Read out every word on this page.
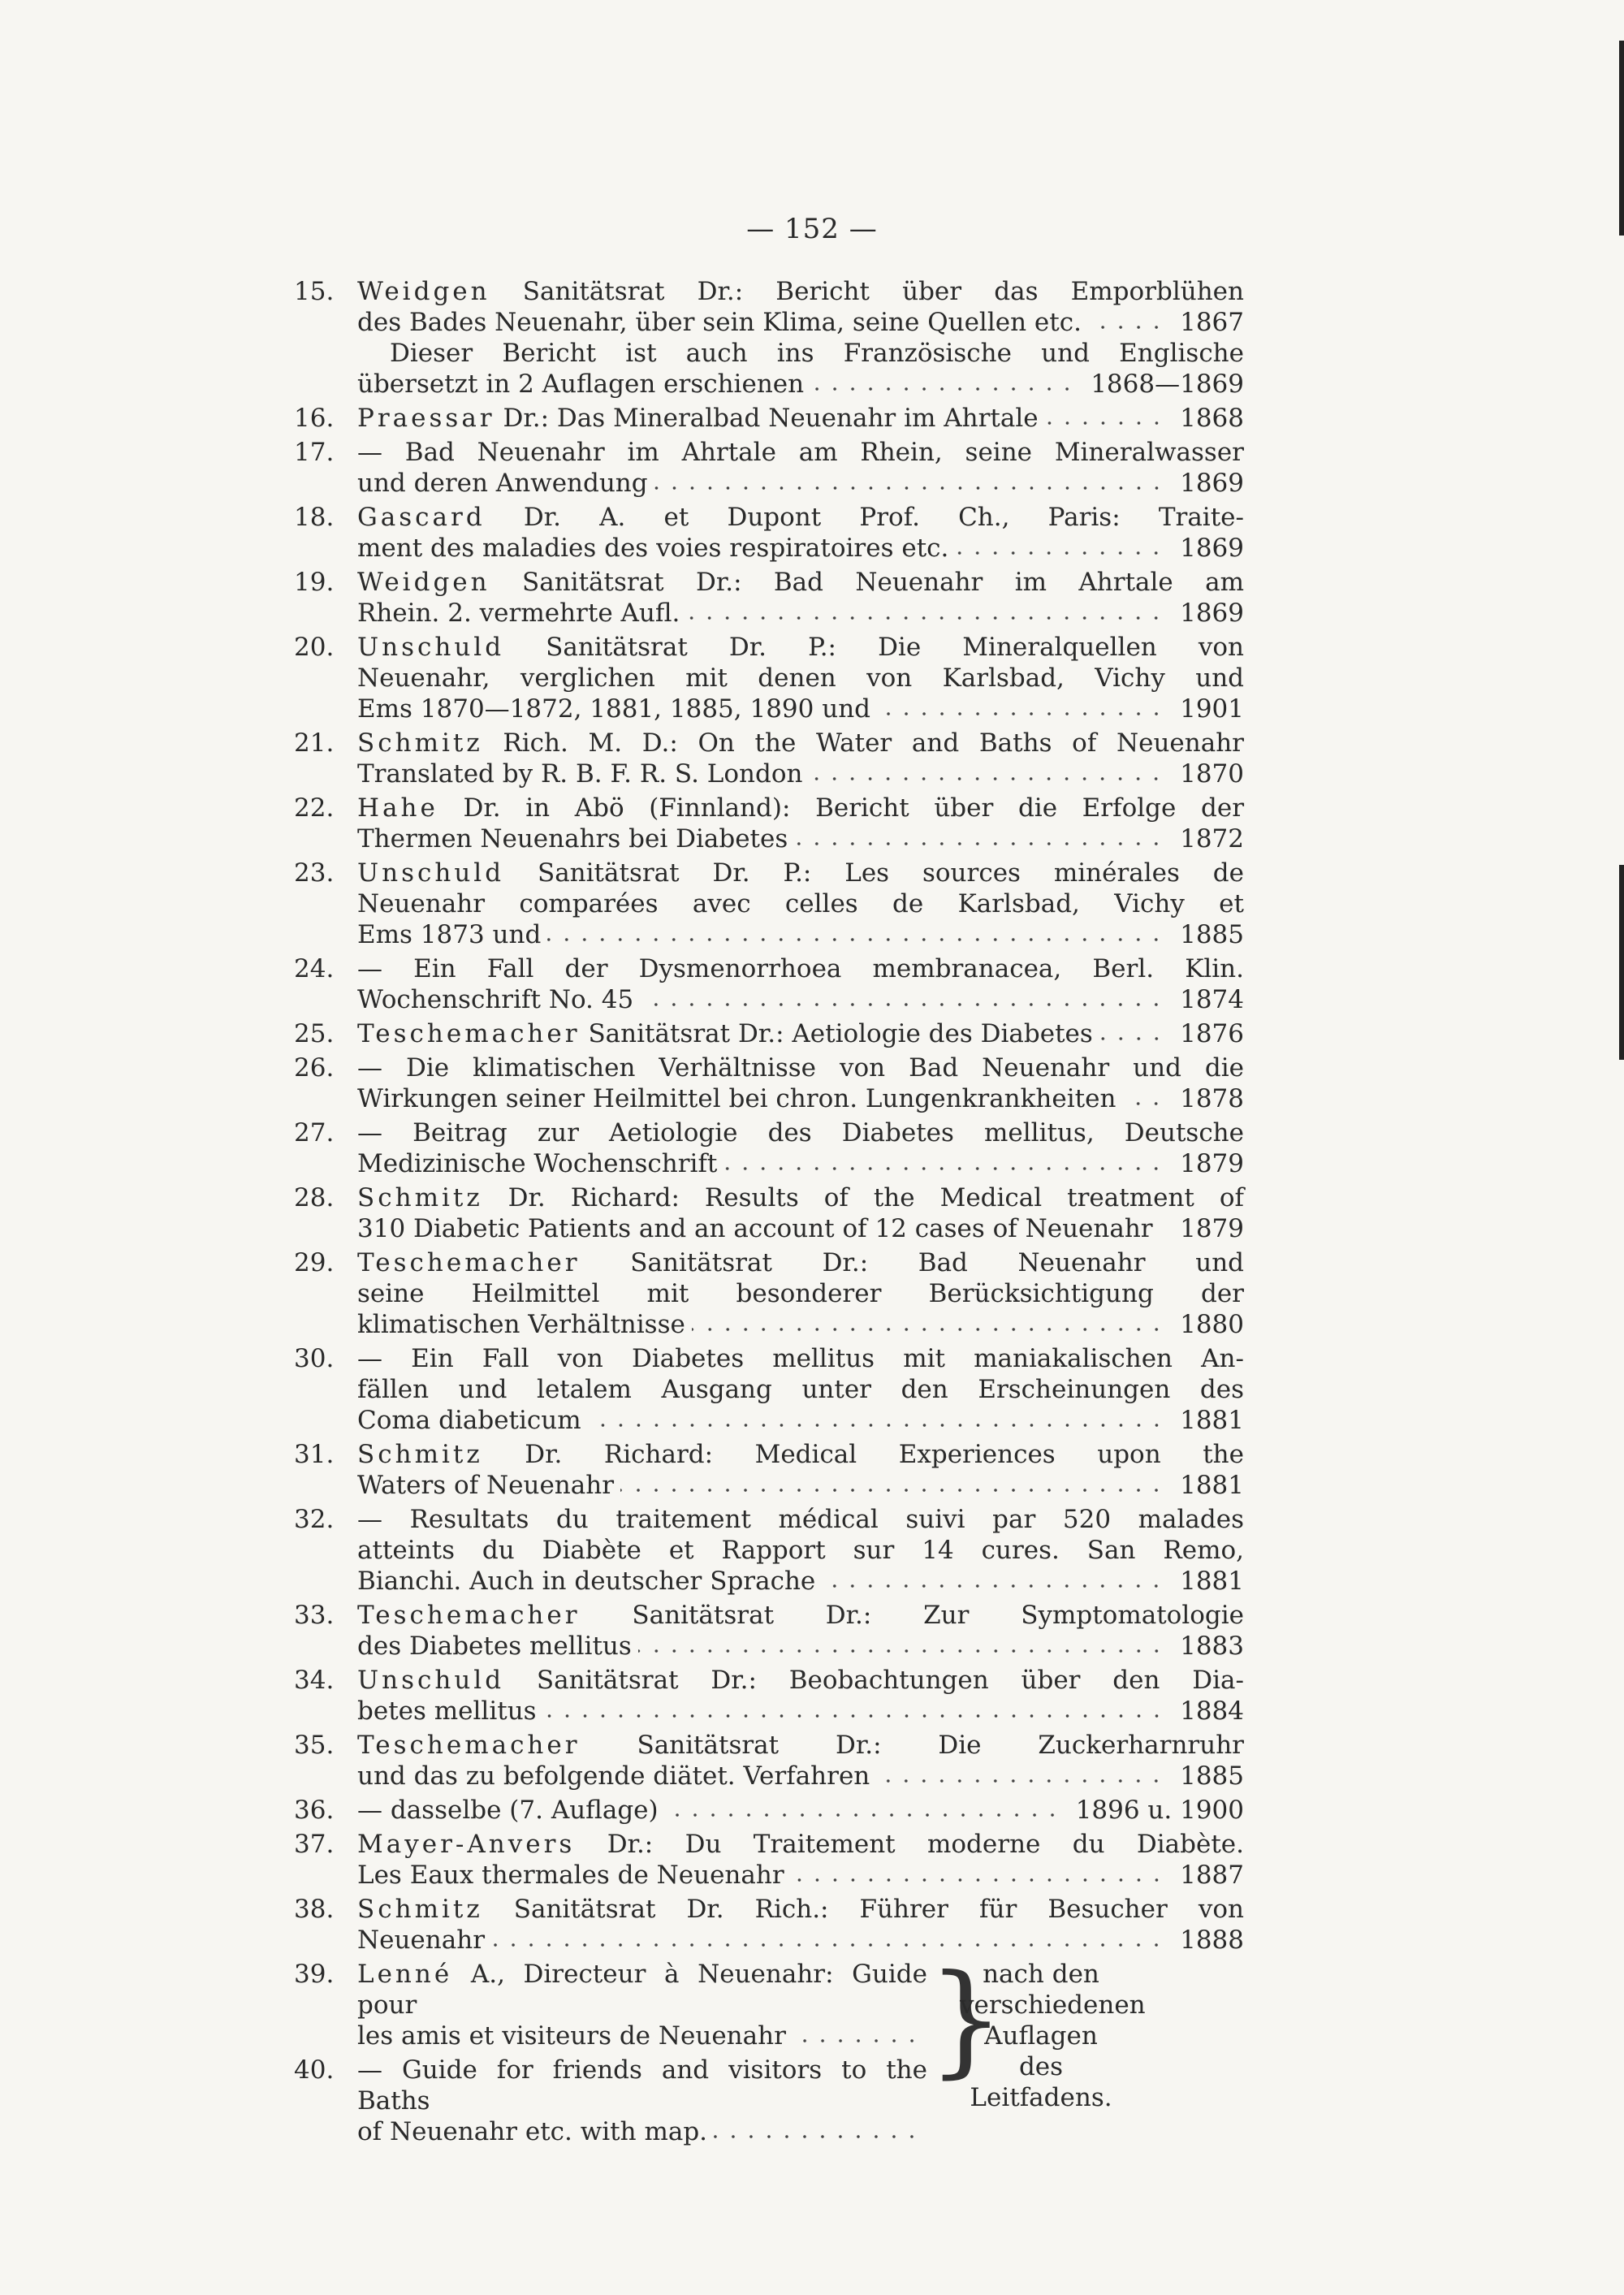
— 152 —
15. Weidgen Sanitätsrat Dr.: Bericht über das Emporblühen
des Bades Neuenahr, über sein Klima, seine Quellen etc.	1867
Dieser Bericht ist auch ins Französische und Englische
übersetzt in 2 Auflagen erschienen	1868—1869
16. Praessar
Dr.: Das Mineralbad Neuenahr im Ahrtale	1868
17. — Bad Neuenahr im Ahrtale am Rhein, seine Mineralwasser
und deren Anwendung	1869
18. Gascard Dr. A. et Dupont Prof. Ch., Paris: Traite-
ment des maladies des voies respiratoires etc.	1869
19. Weidgen Sanitätsrat Dr.: Bad Neuenahr im Ahrtale am
Rhein. 2. vermehrte Aufl.	1869
20. Unschuld Sanitätsrat Dr. P.: Die Mineralquellen von
Neuenahr, verglichen mit denen von Karlsbad, Vichy und
Ems 1870—1872, 1881, 1885, 1890 und	1901
21. Schmitz Rich. M. D.: On the Water and Baths of Neuenahr
Translated by R. B. F. R. S. London	1870
22. Hahe Dr. in Abö (Finnland): Bericht über die Erfolge der
Thermen Neuenahrs bei Diabetes	1872
23. Unschuld Sanitätsrat Dr. P.: Les sources minérales de
Neuenahr comparées avec celles de Karlsbad, Vichy et
Ems 1873 und	1885
24. — Ein Fall der Dysmenorrhoea membranacea, Berl. Klin.
Wochenschrift No. 45	1874
25. Teschemacher
Sanitätsrat Dr.: Aetiologie des Diabetes	1876
26. — Die klimatischen Verhältnisse von Bad Neuenahr und die
Wirkungen seiner Heilmittel bei chron. Lungenkrankheiten	1878
27. — Beitrag zur Aetiologie des Diabetes mellitus, Deutsche
Medizinische Wochenschrift	1879
28. Schmitz Dr. Richard: Results of the Medical treatment of
310 Diabetic Patients and an account of 12 cases of Neuenahr 1879
29. Teschemacher Sanitätsrat Dr.: Bad Neuenahr und
seine Heilmittel mit besonderer Berücksichtigung der
klimatischen Verhältnisse	1880
30. — Ein Fall von Diabetes mellitus mit maniakalischen An-
fällen und letalem Ausgang unter den Erscheinungen des
Coma diabeticum	1881
31. Schmitz Dr. Richard: Medical Experiences upon the
Waters of Neuenahr	1881
32. — Resultats du traitement médical suivi par 520 malades
atteints du Diabète et Rapport sur 14 cures. San Remo,
Bianchi. Auch in deutscher Sprache	1881
33. Teschemacher Sanitätsrat Dr.: Zur Symptomatologie
des Diabetes mellitus	1883
34. Unschuld Sanitätsrat Dr.: Beobachtungen über den Dia-
betes mellitus	1884
35. Teschemacher Sanitätsrat Dr.: Die Zuckerharnruhr
und das zu befolgende diätet. Verfahren	1885
36. — dasselbe (7. Auflage)	1896 u. 1900
37. Mayer-Anvers Dr.: Du Traitement moderne du Diabète.
Les Eaux thermales de Neuenahr	1887
38. Schmitz Sanitätsrat Dr. Rich.: Führer für Besucher von
Neuenahr	1888
39. Lenné A., Directeur à Neuenahr: Guide pour
les amis et visiteurs de Neuenahr
40. — Guide for friends and visitors to the Baths
of Neuenahr etc. with map.
}
nach den
verschiedenen
Auflagen des
Leitfadens.
